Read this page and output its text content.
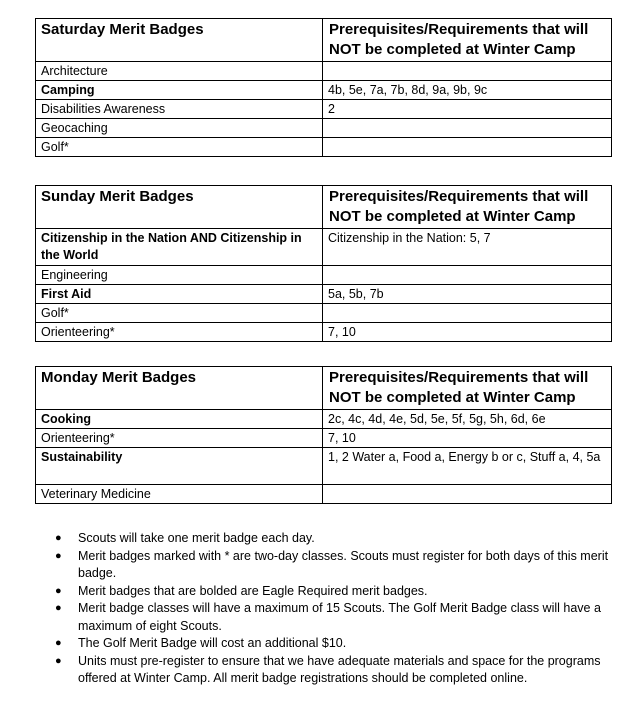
Saturday Merit Badges	Prerequisites/Requirements that will NOT be completed at Winter Camp
Architecture	
Camping	4b, 5e, 7a, 7b, 8d, 9a, 9b, 9c
Disabilities Awareness	2
Geocaching	
Golf*	
Sunday Merit Badges	Prerequisites/Requirements that will NOT be completed at Winter Camp
Citizenship in the Nation AND Citizenship in the World	Citizenship in the Nation: 5, 7
Engineering	
First Aid	5a, 5b, 7b
Golf*	
Orienteering*	7, 10
Monday Merit Badges	Prerequisites/Requirements that will NOT be completed at Winter Camp
Cooking	2c, 4c, 4d, 4e, 5d, 5e, 5f, 5g, 5h, 6d, 6e
Orienteering*	7, 10
Sustainability	1, 2 Water a, Food a, Energy b or c, Stuff a, 4, 5a
Veterinary Medicine	
● Scouts will take one merit badge each day.
● Merit badges marked with * are two-day classes. Scouts must register for both days of this merit badge.
● Merit badges that are bolded are Eagle Required merit badges.
● Merit badge classes will have a maximum of 15 Scouts. The Golf Merit Badge class will have a maximum of eight Scouts.
● The Golf Merit Badge will cost an additional $10.
● Units must pre-register to ensure that we have adequate materials and space for the programs offered at Winter Camp. All merit badge registrations should be completed online.
